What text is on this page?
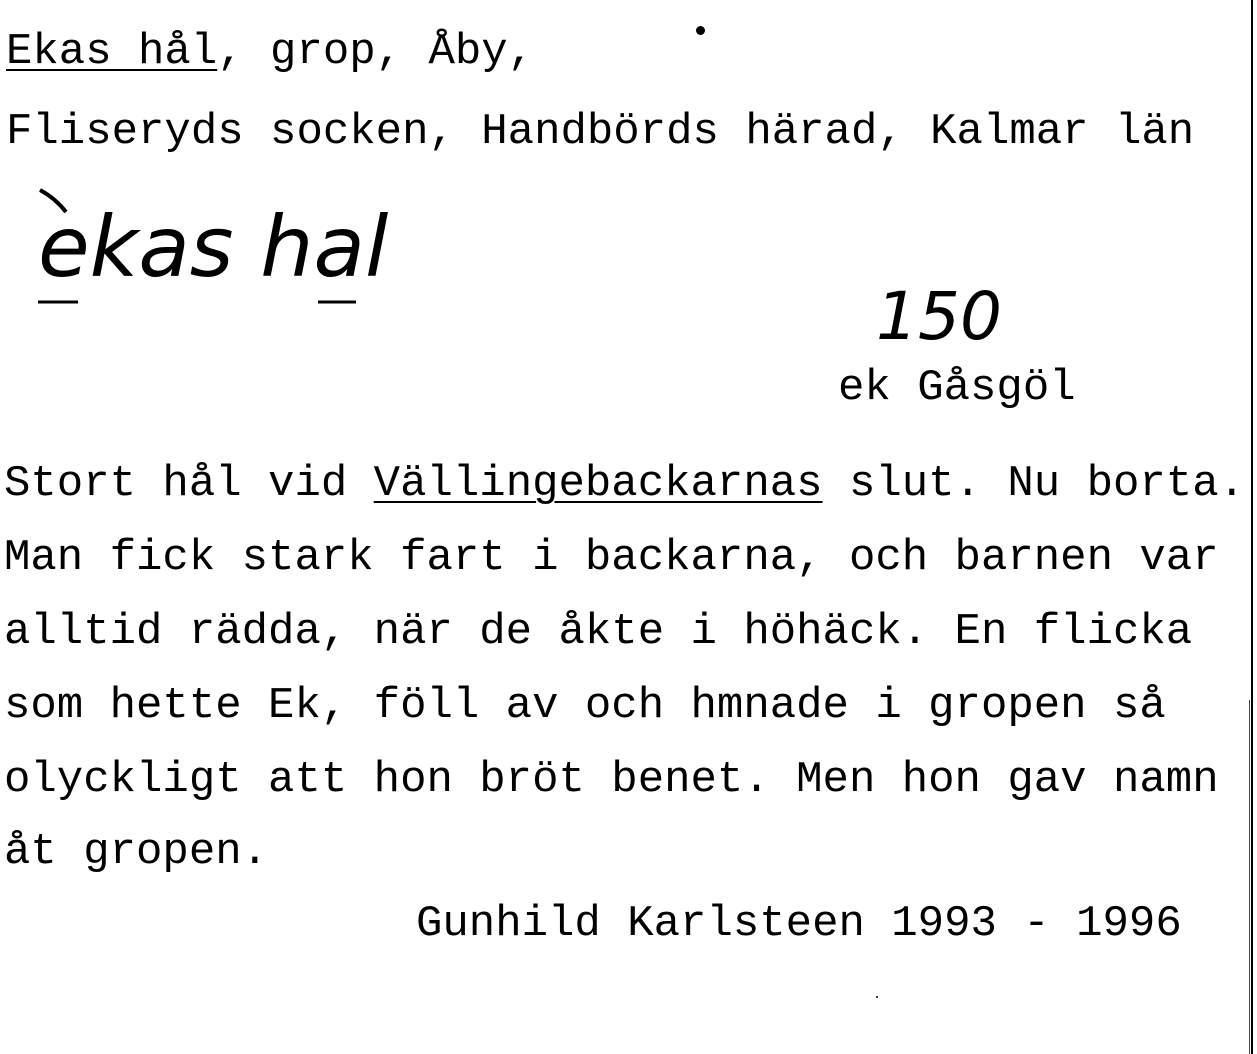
Ekas hål, grop, Åby,
Fliseryds socken, Handbörds härad, Kalmar län
ekas hal
150
ek Gåsgöl
Stort hål vid Vällingebackarnas slut. Nu borta.
Man fick stark fart i backarna, och barnen var
alltid rädda, när de åkte i höhäck. En flicka
som hette Ek, föll av och hmnade i gropen så
olyckligt att hon bröt benet. Men hon gav namn
åt gropen.
Gunhild Karlsteen 1993 - 1996
